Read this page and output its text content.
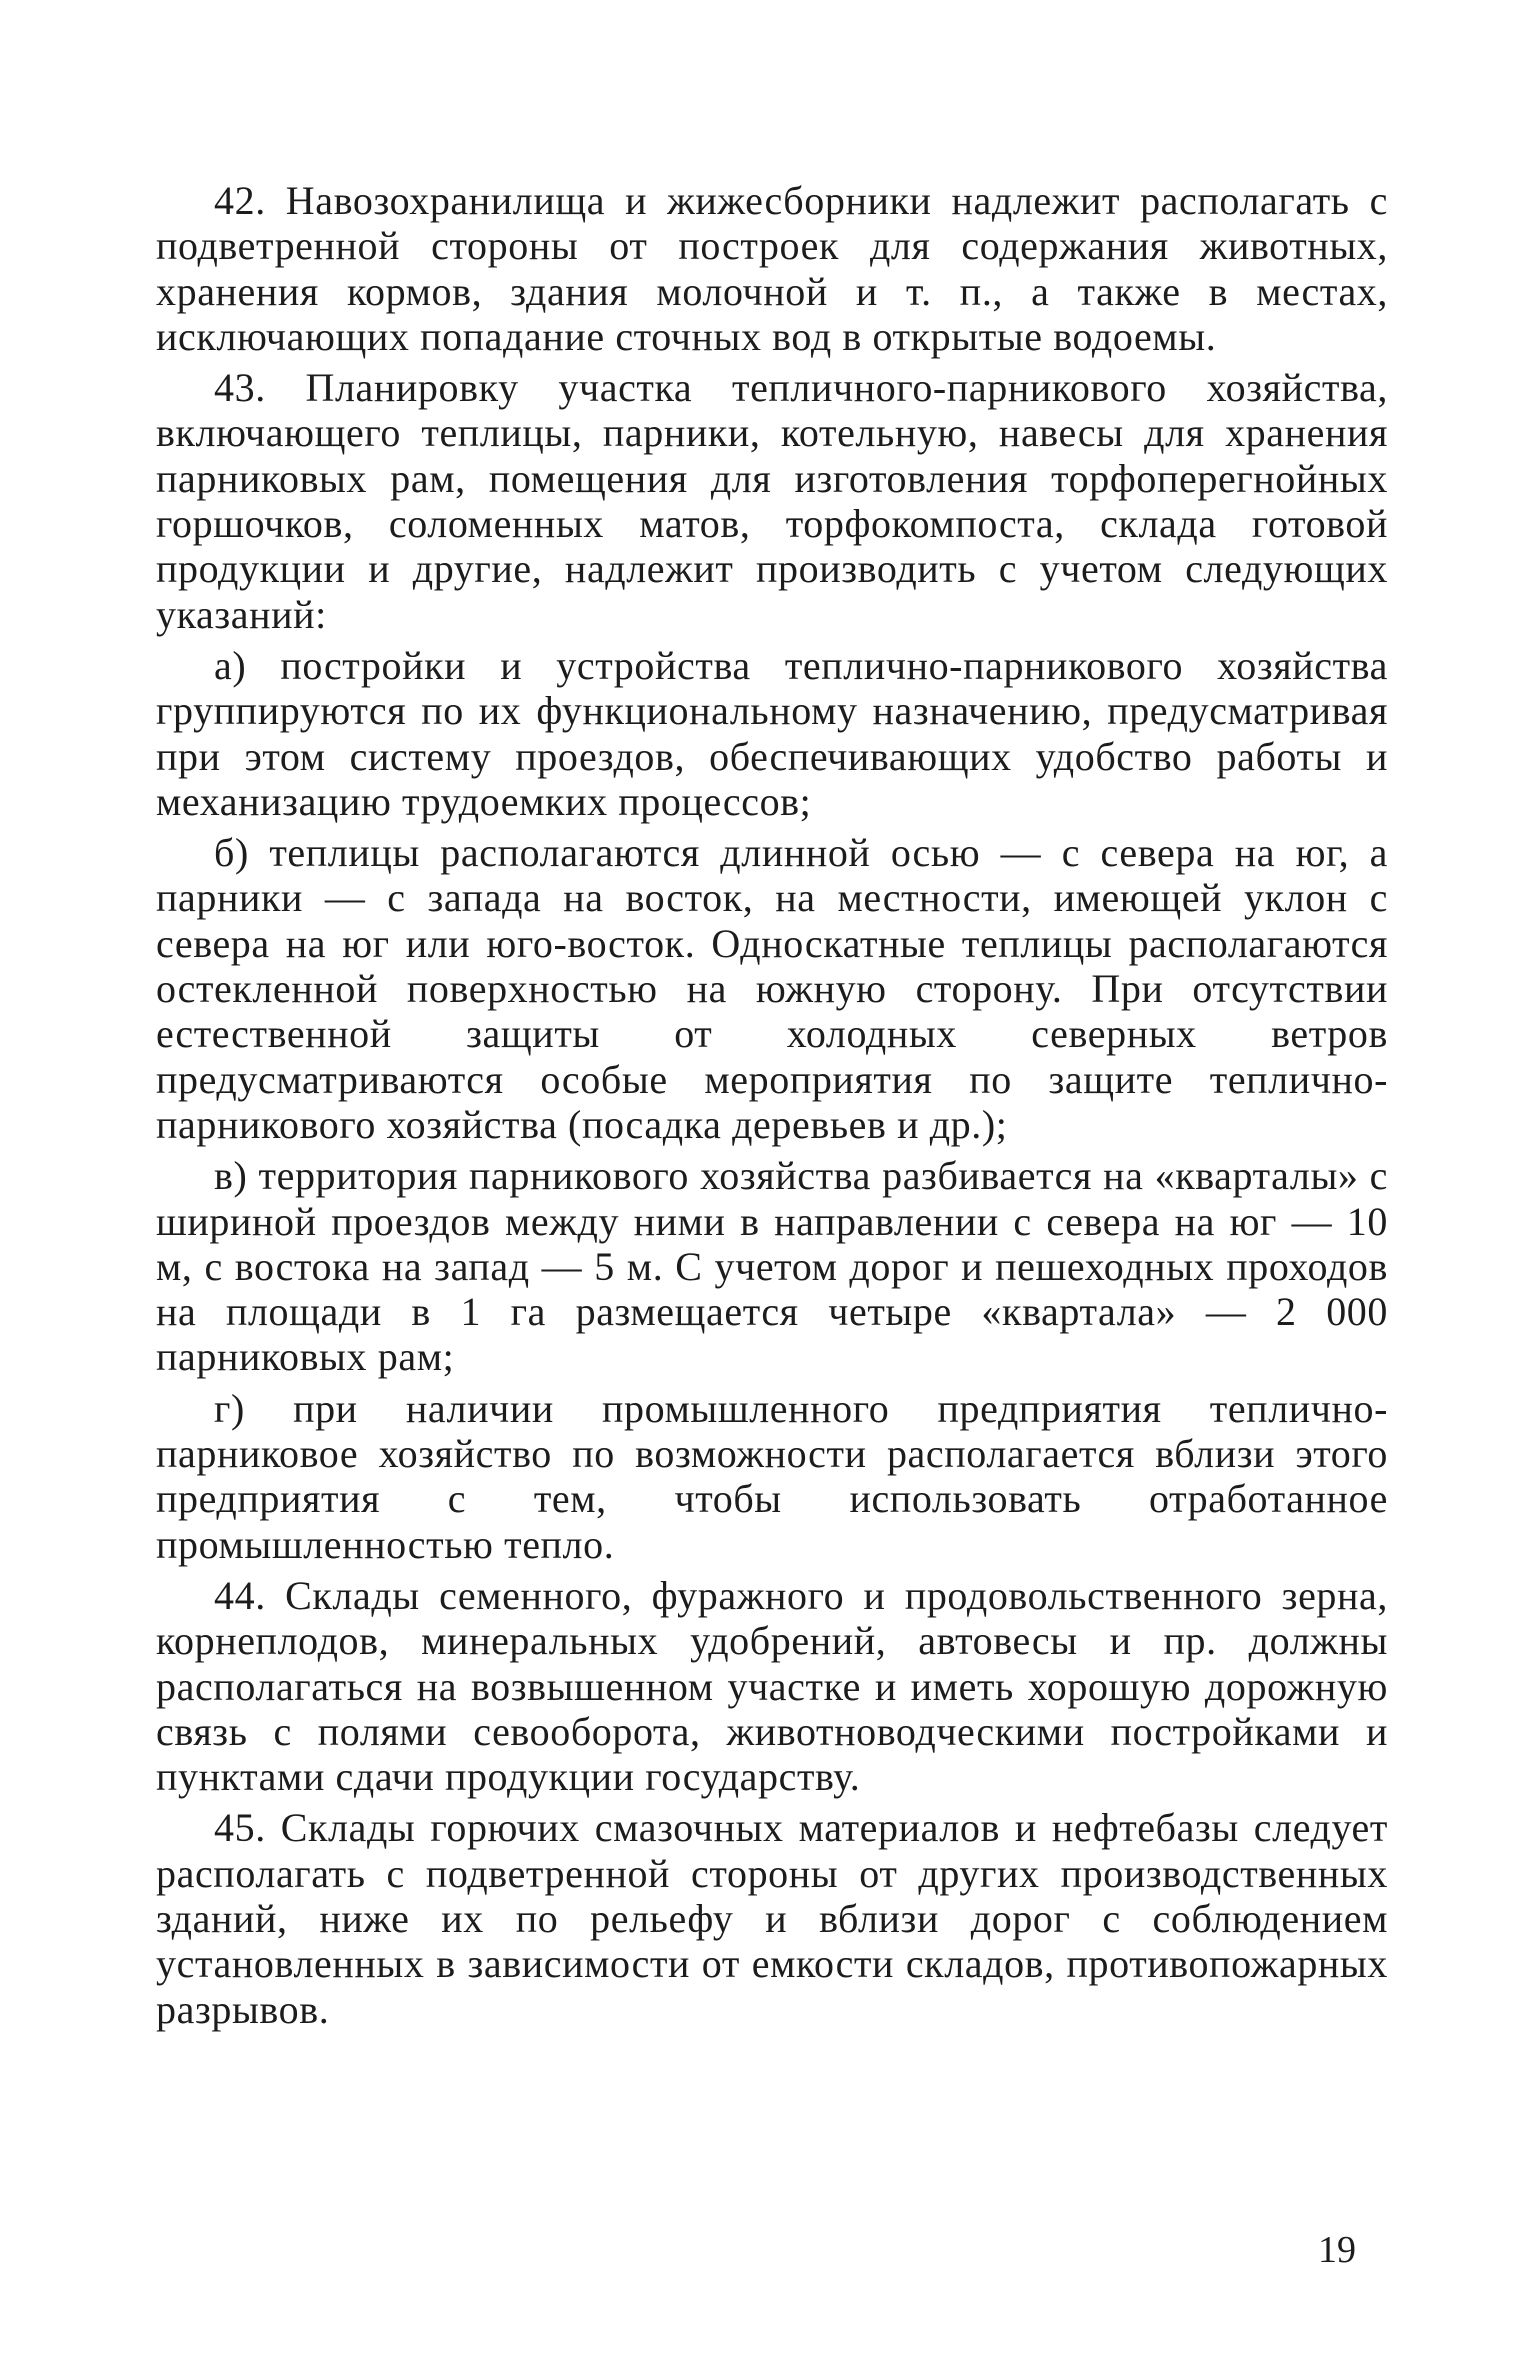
42. Навозохранилища и жижесборники надлежит располагать с подветренной стороны от построек для содержания животных, хранения кормов, здания молочной и т. п., а также в местах, исключающих попадание сточных вод в открытые водоемы.

43. Планировку участка тепличного-парникового хозяйства, включающего теплицы, парники, котельную, навесы для хранения парниковых рам, помещения для изготовления торфоперегнойных горшочков, соломенных матов, торфокомпоста, склада готовой продукции и другие, надлежит производить с учетом следующих указаний:

а) постройки и устройства теплично-парникового хозяйства группируются по их функциональному назначению, предусматривая при этом систему проездов, обеспечивающих удобство работы и механизацию трудоемких процессов;

б) теплицы располагаются длинной осью — с севера на юг, а парники — с запада на восток, на местности, имеющей уклон с севера на юг или юго-восток. Односкатные теплицы располагаются остекленной поверхностью на южную сторону. При отсутствии естественной защиты от холодных северных ветров предусматриваются особые мероприятия по защите теплично-парникового хозяйства (посадка деревьев и др.);

в) территория парникового хозяйства разбивается на «кварталы» с шириной проездов между ними в направлении с севера на юг — 10 м, с востока на запад — 5 м. С учетом дорог и пешеходных проходов на площади в 1 га размещается четыре «квартала» — 2 000 парниковых рам;

г) при наличии промышленного предприятия теплично-парниковое хозяйство по возможности располагается вблизи этого предприятия с тем, чтобы использовать отработанное промышленностью тепло.

44. Склады семенного, фуражного и продовольственного зерна, корнеплодов, минеральных удобрений, автовесы и пр. должны располагаться на возвышенном участке и иметь хорошую дорожную связь с полями севооборота, животноводческими постройками и пунктами сдачи продукции государству.

45. Склады горючих смазочных материалов и нефтебазы следует располагать с подветренной стороны от других производственных зданий, ниже их по рельефу и вблизи дорог с соблюдением установленных в зависимости от емкости складов, противопожарных разрывов.

19
